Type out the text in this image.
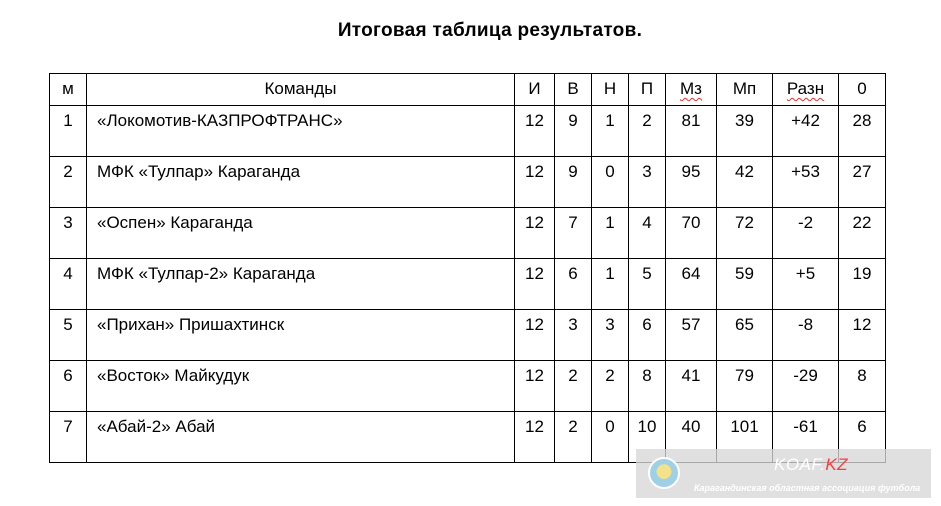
Итоговая таблица результатов.
м	Команды	И	В	Н	П	Мз	Мп	Разн	0
1	«Локомотив-КАЗПРОФТРАНС»	12	9	1	2	81	39	+42	28
2	МФК «Тулпар» Караганда	12	9	0	3	95	42	+53	27
3	«Оспен» Караганда	12	7	1	4	70	72	-2	22
4	МФК «Тулпар-2» Караганда	12	6	1	5	64	59	+5	19
5	«Прихан» Пришахтинск	12	3	3	6	57	65	-8	12
6	«Восток» Майкудук	12	2	2	8	41	79	-29	8
7	«Абай-2» Абай	12	2	0	10	40	101	-61	6
KOAF.KZ
Карагандинская областная ассоциация футбола
